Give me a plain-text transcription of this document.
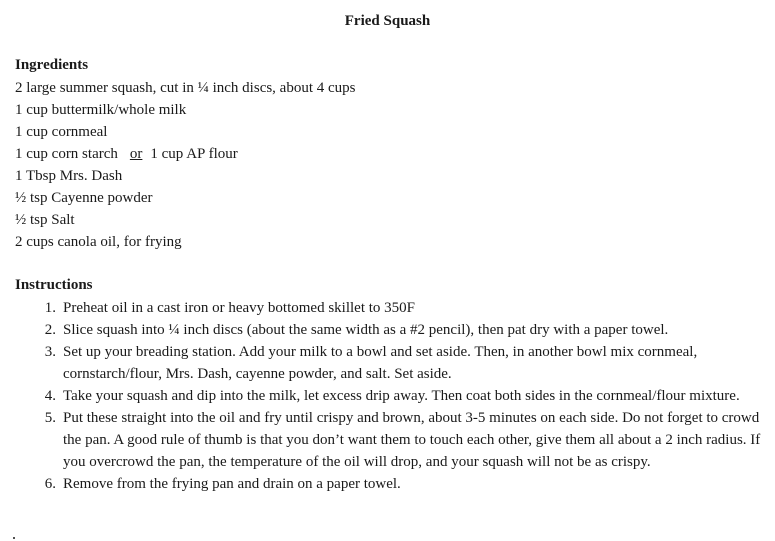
Fried Squash
Ingredients
2 large summer squash, cut in ¼ inch discs, about 4 cups
1 cup buttermilk/whole milk
1 cup cornmeal
1 cup corn starch or 1 cup AP flour
1 Tbsp Mrs. Dash
½ tsp Cayenne powder
½ tsp Salt
2 cups canola oil, for frying
Instructions
1. Preheat oil in a cast iron or heavy bottomed skillet to 350F
2. Slice squash into ¼ inch discs (about the same width as a #2 pencil), then pat dry with a paper towel.
3. Set up your breading station. Add your milk to a bowl and set aside. Then, in another bowl mix cornmeal, cornstarch/flour, Mrs. Dash, cayenne powder, and salt. Set aside.
4. Take your squash and dip into the milk, let excess drip away. Then coat both sides in the cornmeal/flour mixture.
5. Put these straight into the oil and fry until crispy and brown, about 3-5 minutes on each side. Do not forget to crowd the pan. A good rule of thumb is that you don’t want them to touch each other, give them all about a 2 inch radius. If you overcrowd the pan, the temperature of the oil will drop, and your squash will not be as crispy.
6. Remove from the frying pan and drain on a paper towel.
